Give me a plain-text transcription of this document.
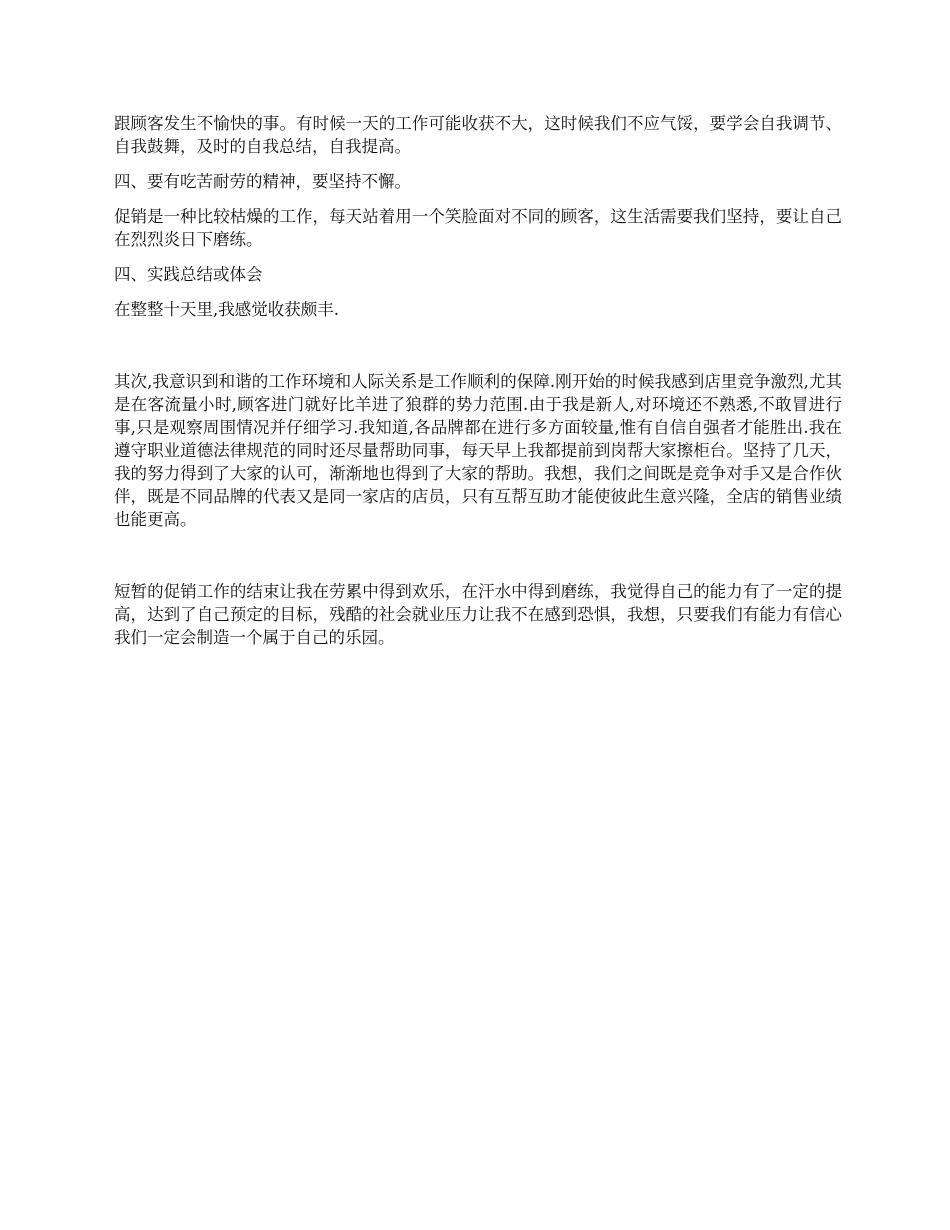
跟顾客发生不愉快的事。有时候一天的工作可能收获不大，这时候我们不应气馁，要学会自我调节、自我鼓舞，及时的自我总结，自我提高。

四、要有吃苦耐劳的精神，要坚持不懈。

促销是一种比较枯燥的工作，每天站着用一个笑脸面对不同的顾客，这生活需要我们坚持，要让自己在烈烈炎日下磨练。

四、实践总结或体会

在整整十天里,我感觉收获颇丰.

其次,我意识到和谐的工作环境和人际关系是工作顺利的保障.刚开始的时候我感到店里竞争激烈,尤其是在客流量小时,顾客进门就好比羊进了狼群的势力范围.由于我是新人,对环境还不熟悉,不敢冒进行事,只是观察周围情况并仔细学习.我知道,各品牌都在进行多方面较量,惟有自信自强者才能胜出.我在遵守职业道德法律规范的同时还尽量帮助同事，每天早上我都提前到岗帮大家擦柜台。坚持了几天，我的努力得到了大家的认可，渐渐地也得到了大家的帮助。我想，我们之间既是竞争对手又是合作伙伴，既是不同品牌的代表又是同一家店的店员，只有互帮互助才能使彼此生意兴隆，全店的销售业绩也能更高。

短暂的促销工作的结束让我在劳累中得到欢乐，在汗水中得到磨练，我觉得自己的能力有了一定的提高，达到了自己预定的目标，残酷的社会就业压力让我不在感到恐惧，我想，只要我们有能力有信心我们一定会制造一个属于自己的乐园。
